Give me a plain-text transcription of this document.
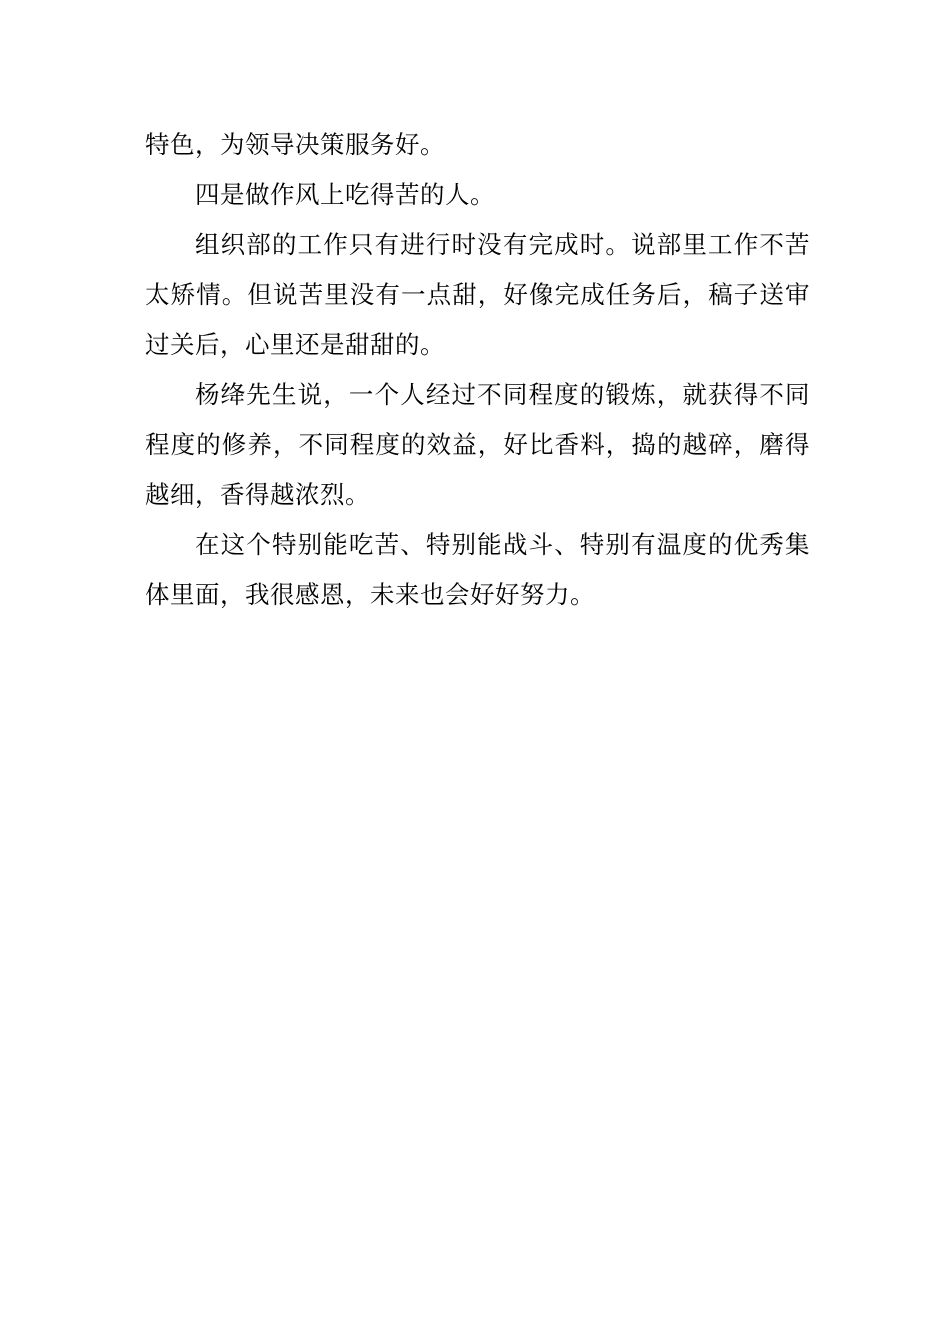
特色，为领导决策服务好。

四是做作风上吃得苦的人。

组织部的工作只有进行时没有完成时。说部里工作不苦太矫情。但说苦里没有一点甜，好像完成任务后，稿子送审过关后，心里还是甜甜的。

杨绛先生说，一个人经过不同程度的锻炼，就获得不同程度的修养，不同程度的效益，好比香料，捣的越碎，磨得越细，香得越浓烈。

在这个特别能吃苦、特别能战斗、特别有温度的优秀集体里面，我很感恩，未来也会好好努力。
